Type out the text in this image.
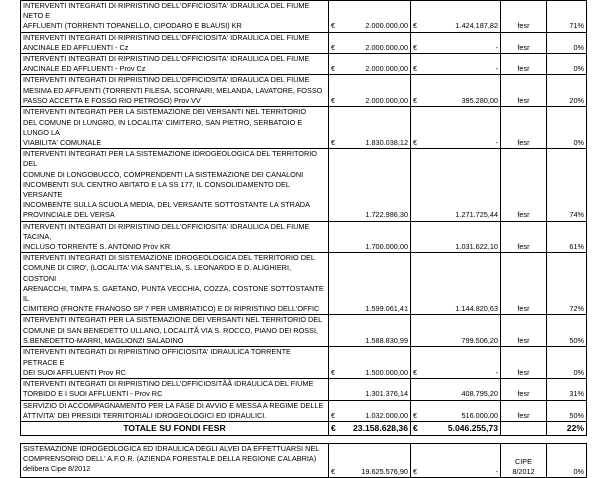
INTERVENTI INTEGRATI DI RIPRISTINO DELL'OFFICIOSITA' IDRAULICA DEL FIUME NETO E
AFFLUENTI (TORRENTI TOPANELLO, CIPODARO E BLAUSI) KR	€	2.000.000,00	€	1.424.187,82	fesr	71%
INTERVENTI INTEGRATI DI RIPRISTINO DELL'OFFICIOSITA' IDRAULICA DEL FIUME
ANCINALE ED AFFLUENTI - Cz	€	2.000.000,00	€	-	fesr	0%
INTERVENTI INTEGRATI DI RIPRISTINO DELL'OFFICIOSITA' IDRAULICA DEL FIUME
ANCINALE ED AFFLUENTI - Prov Cz	€	2.000.000,00	€	-	fesr	0%
INTERVENTI INTEGRATI DI RIPRISTINO DELL'OFFICIOSITA' IDRAULICA DEL FIUME
MESIMA ED AFFUENTI (TORRENTI FILESA, SCORNARI, MELANDA, LAVATORE, FOSSO
PASSO ACCETTA E FOSSO RIO PETROSO) Prov VV	€	2.000.000,00	€	395.280,00	fesr	20%
INTERVENTI INTEGRATI PER LA SISTEMAZIONE DEI VERSANTI NEL TERRITORIO
DEL COMUNE DI LUNGRO, IN LOCALITA' CIMITERO, SAN PIETRO, SERBATOIO E LUNGO LA
VIABILITA' COMUNALE	€	1.830.038,12	€	-	fesr	0%
INTERVENTI INTEGRATI PER LA SISTEMAZIONE IDROGEOLOGICA DEL TERRITORIO DEL
COMUNE DI LONGOBUCCO, COMPRENDENTI LA SISTEMAZIONE DEI CANALONI
INCOMBENTI SUL CENTRO ABITATO E LA SS 177, IL CONSOLIDAMENTO DEL VERSANTE
INCOMBENTE SULLA SCUOLA MEDIA, DEL VERSANTE SOTTOSTANTE LA STRADA
PROVINCIALE DEL VERSA		1.722.986,30		1.271.725,44	fesr	74%
INTERVENTI INTEGRATI DI RIPRISTINO DELL'OFFICIOSITA' IDRAULICA DEL FIUME TACINA,
INCLUSO TORRENTE S. ANTONIO Prov KR		1.700.000,00		1.031.622,10	fesr	61%
INTERVENTI INTEGRATI DI SISTEMAZIONE IDROGEOLOGICA DEL TERRITORIO DEL
COMUNE DI CIRO', (LOCALITA' VIA SANT'ELIA, S. LEONARDO E D. ALIGHIERI, COSTONI
ARENACCHI, TIMPA S. GAETANO, PUNTA VECCHIA, COZZA, COSTONE SOTTOSTANTE IL
CIMITERO (FRONTE FRANOSO SP 7 PER UMBRIATICO) E DI RIPRISTINO DELL'OFFIC		1.599.061,41		1.144.820,63	fesr	72%
INTERVENTI INTEGRATI PER LA SISTEMAZIONE DEI VERSANTI NEL TERRITORIO DEL
COMUNE DI SAN BENEDETTO ULLANO, LOCALITÃ VIA S. ROCCO, PIANO DEI ROSSI,
S.BENEDETTO-MARRI, MAGLIONZI SALADINO		1.588.830,99		799.506,20	fesr	50%
INTERVENTI INTEGRATI DI RIPRISTINO OFFICIOSITA' IDRAULICA TORRENTE PETRACE E
DEI SUOI AFFLUENTI Prov RC	€	1.500.000,00	€	-	fesr	0%
INTERVENTI INTEGRATI DI RIPRISTINO DELL'OFFICIOSITÃÃ IDRAULICA DEL FIUME
TORBIDO E I SUOI AFFLUENTI - Prov RC		1.301.376,14		408.795,20	fesr	31%
SERVIZIO DI ACCOMPAGNAMENTO PER LA FASE DI AVVIO E MESSA A REGIME DELLE
ATTIVITA' DEI PRESIDI TERRITORIALI IDROGEOLOGICI ED IDRAULICI.	€	1.032.000,00	€	516.000,00	fesr	50%
TOTALE SU FONDI FESR	€	23.158.628,36	€	5.046.255,73		22%

SISTEMAZIONE IDROGEOLOGICA ED IDRAULICA DEGLI ALVEI DA EFFETTUARSI NEL
COMPRENSORIO DELL' A.F.O.R. (AZIENDA FORESTALE DELLA REGIONE CALABRIA)
delibera Cipe 8/2012	€	19.625.576,90	€	-	CIPE 8/2012	0%
